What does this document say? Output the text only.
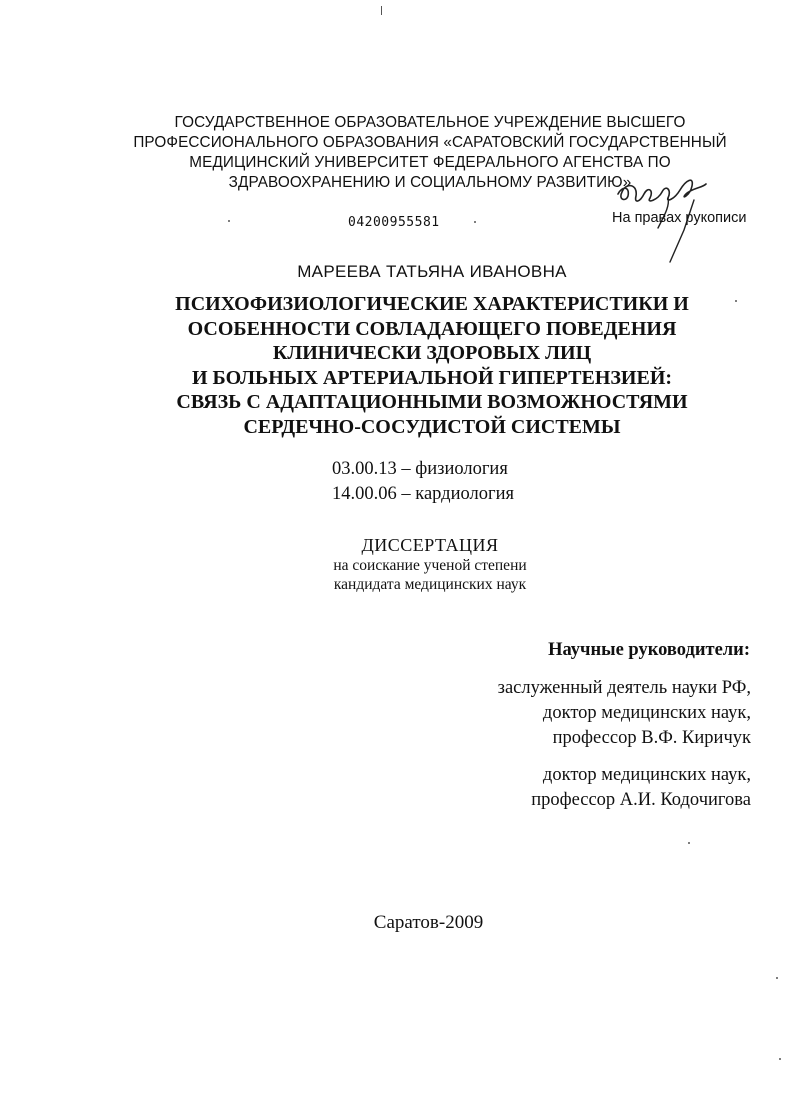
ГОСУДАРСТВЕННОЕ ОБРАЗОВАТЕЛЬНОЕ УЧРЕЖДЕНИЕ ВЫСШЕГО
ПРОФЕССИОНАЛЬНОГО ОБРАЗОВАНИЯ «САРАТОВСКИЙ ГОСУДАРСТВЕННЫЙ
МЕДИЦИНСКИЙ УНИВЕРСИТЕТ ФЕДЕРАЛЬНОГО АГЕНСТВА ПО
ЗДРАВООХРАНЕНИЮ И СОЦИАЛЬНОМУ РАЗВИТИЮ»
04200955581	На правах рукописи
МАРЕЕВА ТАТЬЯНА ИВАНОВНА
ПСИХОФИЗИОЛОГИЧЕСКИЕ ХАРАКТЕРИСТИКИ И
ОСОБЕННОСТИ СОВЛАДАЮЩЕГО ПОВЕДЕНИЯ
КЛИНИЧЕСКИ ЗДОРОВЫХ ЛИЦ
И БОЛЬНЫХ АРТЕРИАЛЬНОЙ ГИПЕРТЕНЗИЕЙ:
СВЯЗЬ С АДАПТАЦИОННЫМИ ВОЗМОЖНОСТЯМИ
СЕРДЕЧНО-СОСУДИСТОЙ СИСТЕМЫ
03.00.13 – физиология
14.00.06 – кардиология
ДИССЕРТАЦИЯ
на соискание ученой степени
кандидата медицинских наук
Научные руководители:
заслуженный деятель науки РФ,
доктор медицинских наук,
профессор В.Ф. Киричук
доктор медицинских наук,
профессор А.И. Кодочигова
Саратов-2009
